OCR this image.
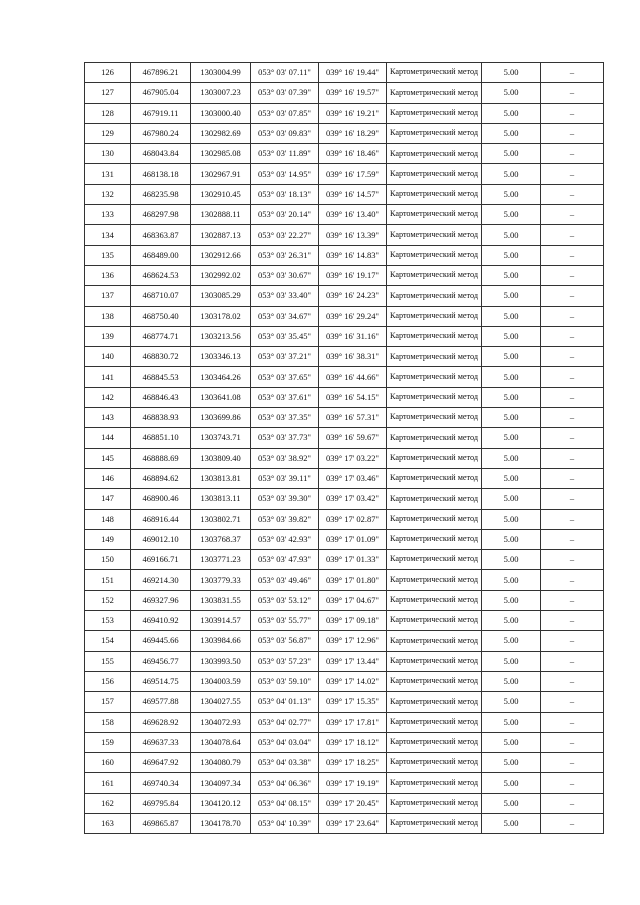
126	467896.21	1303004.99	053° 03' 07.11"	039° 16' 19.44"	Картометрический метод	5.00	–
127	467905.04	1303007.23	053° 03' 07.39"	039° 16' 19.57"	Картометрический метод	5.00	–
128	467919.11	1303000.40	053° 03' 07.85"	039° 16' 19.21"	Картометрический метод	5.00	–
129	467980.24	1302982.69	053° 03' 09.83"	039° 16' 18.29"	Картометрический метод	5.00	–
130	468043.84	1302985.08	053° 03' 11.89"	039° 16' 18.46"	Картометрический метод	5.00	–
131	468138.18	1302967.91	053° 03' 14.95"	039° 16' 17.59"	Картометрический метод	5.00	–
132	468235.98	1302910.45	053° 03' 18.13"	039° 16' 14.57"	Картометрический метод	5.00	–
133	468297.98	1302888.11	053° 03' 20.14"	039° 16' 13.40"	Картометрический метод	5.00	–
134	468363.87	1302887.13	053° 03' 22.27"	039° 16' 13.39"	Картометрический метод	5.00	–
135	468489.00	1302912.66	053° 03' 26.31"	039° 16' 14.83"	Картометрический метод	5.00	–
136	468624.53	1302992.02	053° 03' 30.67"	039° 16' 19.17"	Картометрический метод	5.00	–
137	468710.07	1303085.29	053° 03' 33.40"	039° 16' 24.23"	Картометрический метод	5.00	–
138	468750.40	1303178.02	053° 03' 34.67"	039° 16' 29.24"	Картометрический метод	5.00	–
139	468774.71	1303213.56	053° 03' 35.45"	039° 16' 31.16"	Картометрический метод	5.00	–
140	468830.72	1303346.13	053° 03' 37.21"	039° 16' 38.31"	Картометрический метод	5.00	–
141	468845.53	1303464.26	053° 03' 37.65"	039° 16' 44.66"	Картометрический метод	5.00	–
142	468846.43	1303641.08	053° 03' 37.61"	039° 16' 54.15"	Картометрический метод	5.00	–
143	468838.93	1303699.86	053° 03' 37.35"	039° 16' 57.31"	Картометрический метод	5.00	–
144	468851.10	1303743.71	053° 03' 37.73"	039° 16' 59.67"	Картометрический метод	5.00	–
145	468888.69	1303809.40	053° 03' 38.92"	039° 17' 03.22"	Картометрический метод	5.00	–
146	468894.62	1303813.81	053° 03' 39.11"	039° 17' 03.46"	Картометрический метод	5.00	–
147	468900.46	1303813.11	053° 03' 39.30"	039° 17' 03.42"	Картометрический метод	5.00	–
148	468916.44	1303802.71	053° 03' 39.82"	039° 17' 02.87"	Картометрический метод	5.00	–
149	469012.10	1303768.37	053° 03' 42.93"	039° 17' 01.09"	Картометрический метод	5.00	–
150	469166.71	1303771.23	053° 03' 47.93"	039° 17' 01.33"	Картометрический метод	5.00	–
151	469214.30	1303779.33	053° 03' 49.46"	039° 17' 01.80"	Картометрический метод	5.00	–
152	469327.96	1303831.55	053° 03' 53.12"	039° 17' 04.67"	Картометрический метод	5.00	–
153	469410.92	1303914.57	053° 03' 55.77"	039° 17' 09.18"	Картометрический метод	5.00	–
154	469445.66	1303984.66	053° 03' 56.87"	039° 17' 12.96"	Картометрический метод	5.00	–
155	469456.77	1303993.50	053° 03' 57.23"	039° 17' 13.44"	Картометрический метод	5.00	–
156	469514.75	1304003.59	053° 03' 59.10"	039° 17' 14.02"	Картометрический метод	5.00	–
157	469577.88	1304027.55	053° 04' 01.13"	039° 17' 15.35"	Картометрический метод	5.00	–
158	469628.92	1304072.93	053° 04' 02.77"	039° 17' 17.81"	Картометрический метод	5.00	–
159	469637.33	1304078.64	053° 04' 03.04"	039° 17' 18.12"	Картометрический метод	5.00	–
160	469647.92	1304080.79	053° 04' 03.38"	039° 17' 18.25"	Картометрический метод	5.00	–
161	469740.34	1304097.34	053° 04' 06.36"	039° 17' 19.19"	Картометрический метод	5.00	–
162	469795.84	1304120.12	053° 04' 08.15"	039° 17' 20.45"	Картометрический метод	5.00	–
163	469865.87	1304178.70	053° 04' 10.39"	039° 17' 23.64"	Картометрический метод	5.00	–
